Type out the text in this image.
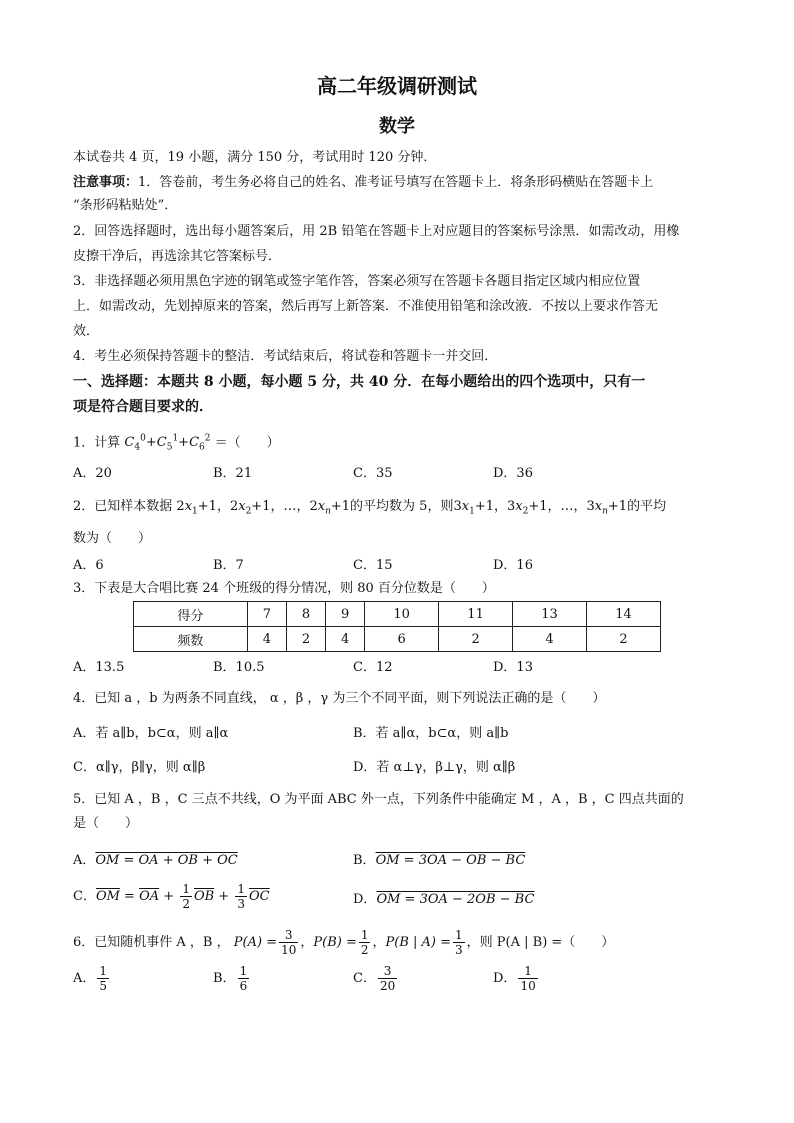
高二年级调研测试
数学
本试卷共 4 页，19 小题，满分 150 分，考试用时 120 分钟．
注意事项：1．答卷前，考生务必将自己的姓名、准考证号填写在答题卡上．将条形码横贴在答题卡上
“条形码粘贴处”．
2．回答选择题时，选出每小题答案后，用 2B 铅笔在答题卡上对应题目的答案标号涂黑．如需改动，用橡
皮擦干净后，再选涂其它答案标号．
3．非选择题必须用黑色字迹的钢笔或签字笔作答，答案必须写在答题卡各题目指定区域内相应位置
上．如需改动，先划掉原来的答案，然后再写上新答案．不准使用铅笔和涂改液．不按以上要求作答无
效．
4．考生必须保持答题卡的整洁．考试结束后，将试卷和答题卡一并交回．
一、选择题：本题共 8 小题，每小题 5 分，共 40 分．在每小题给出的四个选项中，只有一
项是符合题目要求的．
1．计算 $C_4^0+C_5^1+C_6^2$ ＝（　　）
A．20	B．21	C．35	D．36
2．已知样本数据 $2x_1+1$，$2x_2+1$，…，$2x_n+1$的平均数为 5，则$3x_1+1$，$3x_2+1$，…，$3x_n+1$的平均
数为（　　）
A．6	B．7	C．15	D．16
3．下表是大合唱比赛 24 个班级的得分情况，则 80 百分位数是（　　）
得分	7	8	9	10	11	13	14
频数	4	2	4	6	2	4	2
A．13.5	B．10.5	C．12	D．13
4．已知 a ，b 为两条不同直线， α ，β ，γ 为三个不同平面，则下列说法正确的是（　　）
A．若 a∥b，b⊂α，则 a∥α	B．若 a∥α，b⊂α，则 a∥b
C．α∥γ，β∥γ，则 α∥β	D．若 α⊥γ，β⊥γ，则 α∥β
5．已知 A ，B ，C 三点不共线，O 为平面 ABC 外一点，下列条件中能确定 M ，A ，B ，C 四点共面的
是（　　）
A．OM = OA + OB + OC	B．OM = 3OA − OB − BC
C．$\overline{OM} = \overline{OA} + \frac{1}{2} \overline{OB} + \frac{1}{3} \overline{OC}$	D．OM = 3OA − 2OB − BC
6．已知随机事件 A ，B ， $P(A) = \frac{3}{10}$ ，$P(B) = \frac{1}{2}$ ，P(B | $A) = \frac{1}{3}$ ，则 P(A | B) =（　　）
A． $\frac{1}{5}$	B． $\frac{1}{6}$	C． $\frac{3}{20}$	D． $\frac{1}{10}$
